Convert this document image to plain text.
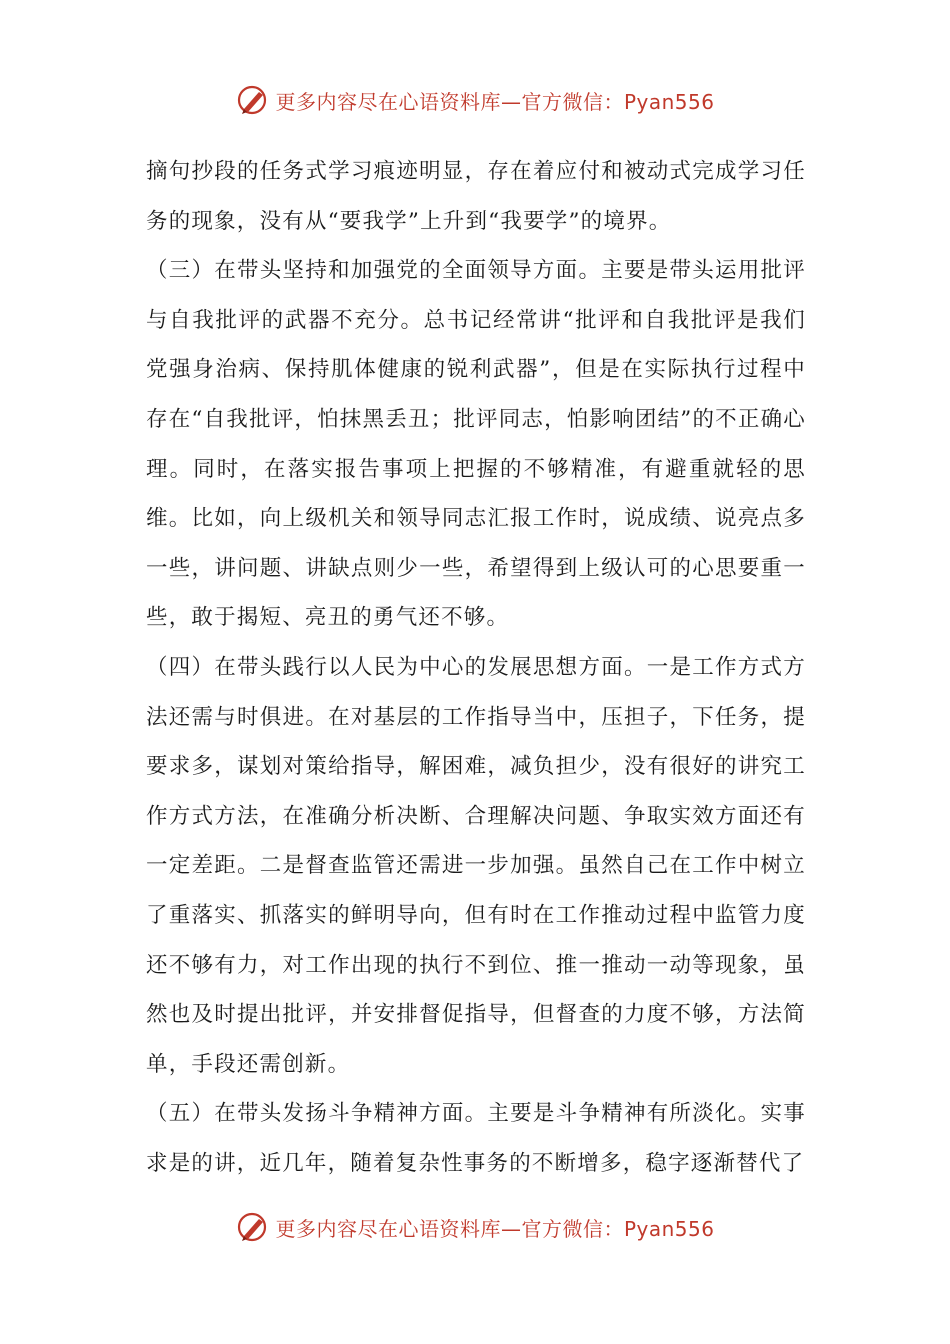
更多内容尽在心语资料库—官方微信：Pyan556

摘句抄段的任务式学习痕迹明显，存在着应付和被动式完成学习任务的现象，没有从“要我学”上升到“我要学”的境界。

（三）在带头坚持和加强党的全面领导方面。主要是带头运用批评与自我批评的武器不充分。总书记经常讲“批评和自我批评是我们党强身治病、保持肌体健康的锐利武器”，但是在实际执行过程中存在“自我批评，怕抹黑丢丑；批评同志，怕影响团结”的不正确心理。同时，在落实报告事项上把握的不够精准，有避重就轻的思维。比如，向上级机关和领导同志汇报工作时，说成绩、说亮点多一些，讲问题、讲缺点则少一些，希望得到上级认可的心思要重一些，敢于揭短、亮丑的勇气还不够。

（四）在带头践行以人民为中心的发展思想方面。一是工作方式方法还需与时俱进。在对基层的工作指导当中，压担子，下任务，提要求多，谋划对策给指导，解困难，减负担少，没有很好的讲究工作方式方法，在准确分析决断、合理解决问题、争取实效方面还有一定差距。二是督查监管还需进一步加强。虽然自己在工作中树立了重落实、抓落实的鲜明导向，但有时在工作推动过程中监管力度还不够有力，对工作出现的执行不到位、推一推动一动等现象，虽然也及时提出批评，并安排督促指导，但督查的力度不够，方法简单，手段还需创新。

（五）在带头发扬斗争精神方面。主要是斗争精神有所淡化。实事求是的讲，近几年，随着复杂性事务的不断增多，稳字逐渐替代了

更多内容尽在心语资料库—官方微信：Pyan556
